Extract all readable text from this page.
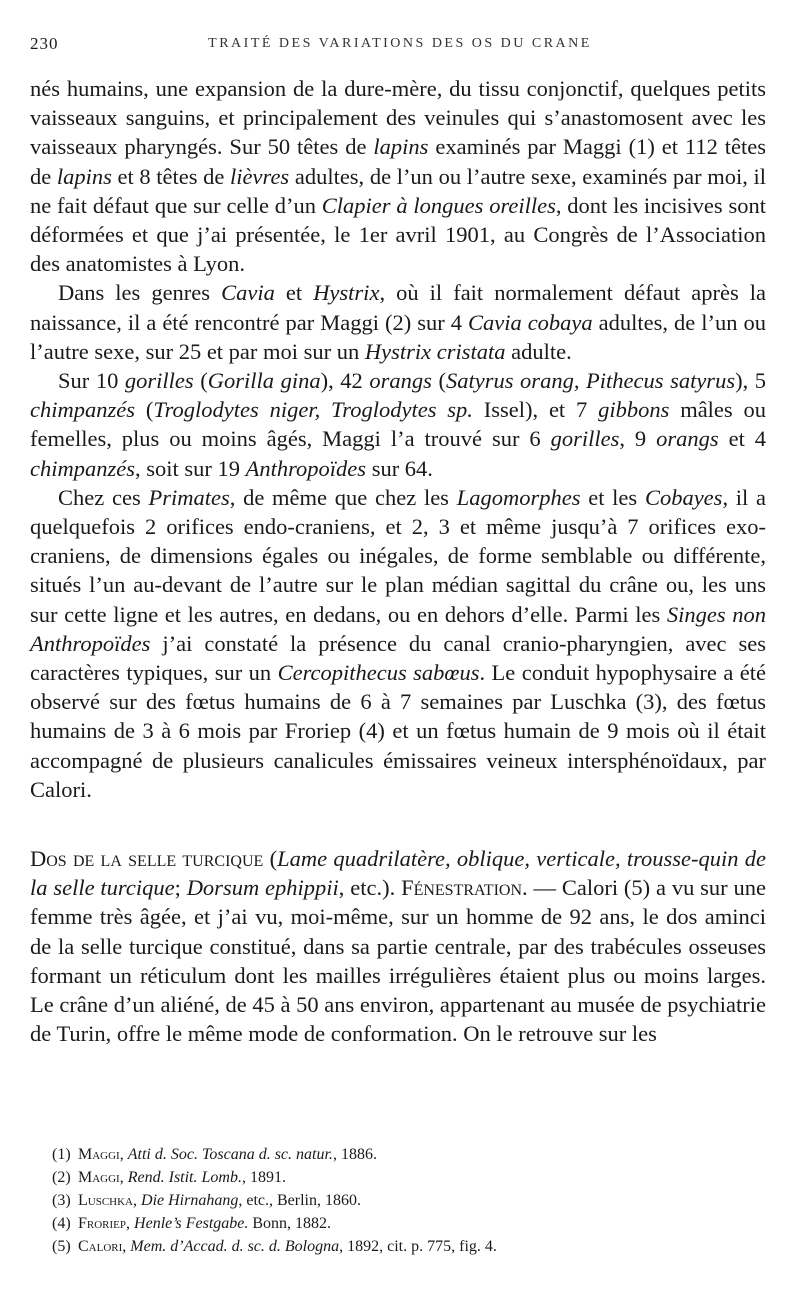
230	TRAITÉ DES VARIATIONS DES OS DU CRANE

nés humains, une expansion de la dure-mère, du tissu conjonctif, quelques petits vaisseaux sanguins, et principalement des veinules qui s’anastomosent avec les vaisseaux pharyngés. Sur 50 têtes de lapins examinés par Maggi (1) et 112 têtes de lapins et 8 têtes de lièvres adultes, de l’un ou l’autre sexe, examinés par moi, il ne fait défaut que sur celle d’un Clapier à longues oreilles, dont les incisives sont déformées et que j’ai présentée, le 1er avril 1901, au Congrès de l’Association des anatomistes à Lyon.

Dans les genres Cavia et Hystrix, où il fait normalement défaut après la naissance, il a été rencontré par Maggi (2) sur 4 Cavia cobaya adultes, de l’un ou l’autre sexe, sur 25 et par moi sur un Hystrix cristata adulte.

Sur 10 gorilles (Gorilla gina), 42 orangs (Satyrus orang, Pithecus satyrus), 5 chimpanzés (Troglodytes niger, Troglodytes sp. Issel), et 7 gibbons mâles ou femelles, plus ou moins âgés, Maggi l’a trouvé sur 6 gorilles, 9 orangs et 4 chimpanzés, soit sur 19 Anthropoïdes sur 64.

Chez ces Primates, de même que chez les Lagomorphes et les Cobayes, il a quelquefois 2 orifices endo-craniens, et 2, 3 et même jusqu’à 7 orifices exo-craniens, de dimensions égales ou inégales, de forme semblable ou différente, situés l’un au-devant de l’autre sur le plan médian sagittal du crâne ou, les uns sur cette ligne et les autres, en dedans, ou en dehors d’elle. Parmi les Singes non Anthropoïdes j’ai constaté la présence du canal cranio-pharyngien, avec ses caractères typiques, sur un Cercopithecus sabœus. Le conduit hypophysaire a été observé sur des fœtus humains de 6 à 7 semaines par Luschka (3), des fœtus humains de 3 à 6 mois par Froriep (4) et un fœtus humain de 9 mois où il était accompagné de plusieurs canalicules émissaires veineux intersphénoïdaux, par Calori.

Dos de la selle turcique (Lame quadrilatère, oblique, verticale, trousse-quin de la selle turcique; Dorsum ephippii, etc.). Fénestration. — Calori (5) a vu sur une femme très âgée, et j’ai vu, moi-même, sur un homme de 92 ans, le dos aminci de la selle turcique constitué, dans sa partie centrale, par des trabécules osseuses formant un réticulum dont les mailles irrégulières étaient plus ou moins larges. Le crâne d’un aliéné, de 45 à 50 ans environ, appartenant au musée de psychiatrie de Turin, offre le même mode de conformation. On le retrouve sur les

(1) Maggi, Atti d. Soc. Toscana d. sc. natur., 1886.
(2) Maggi, Rend. Istit. Lomb., 1891.
(3) Luschka, Die Hirnahang, etc., Berlin, 1860.
(4) Froriep, Henle’s Festgabe. Bonn, 1882.
(5) Calori, Mem. d’Accad. d. sc. d. Bologna, 1892, cit. p. 775, fig. 4.
